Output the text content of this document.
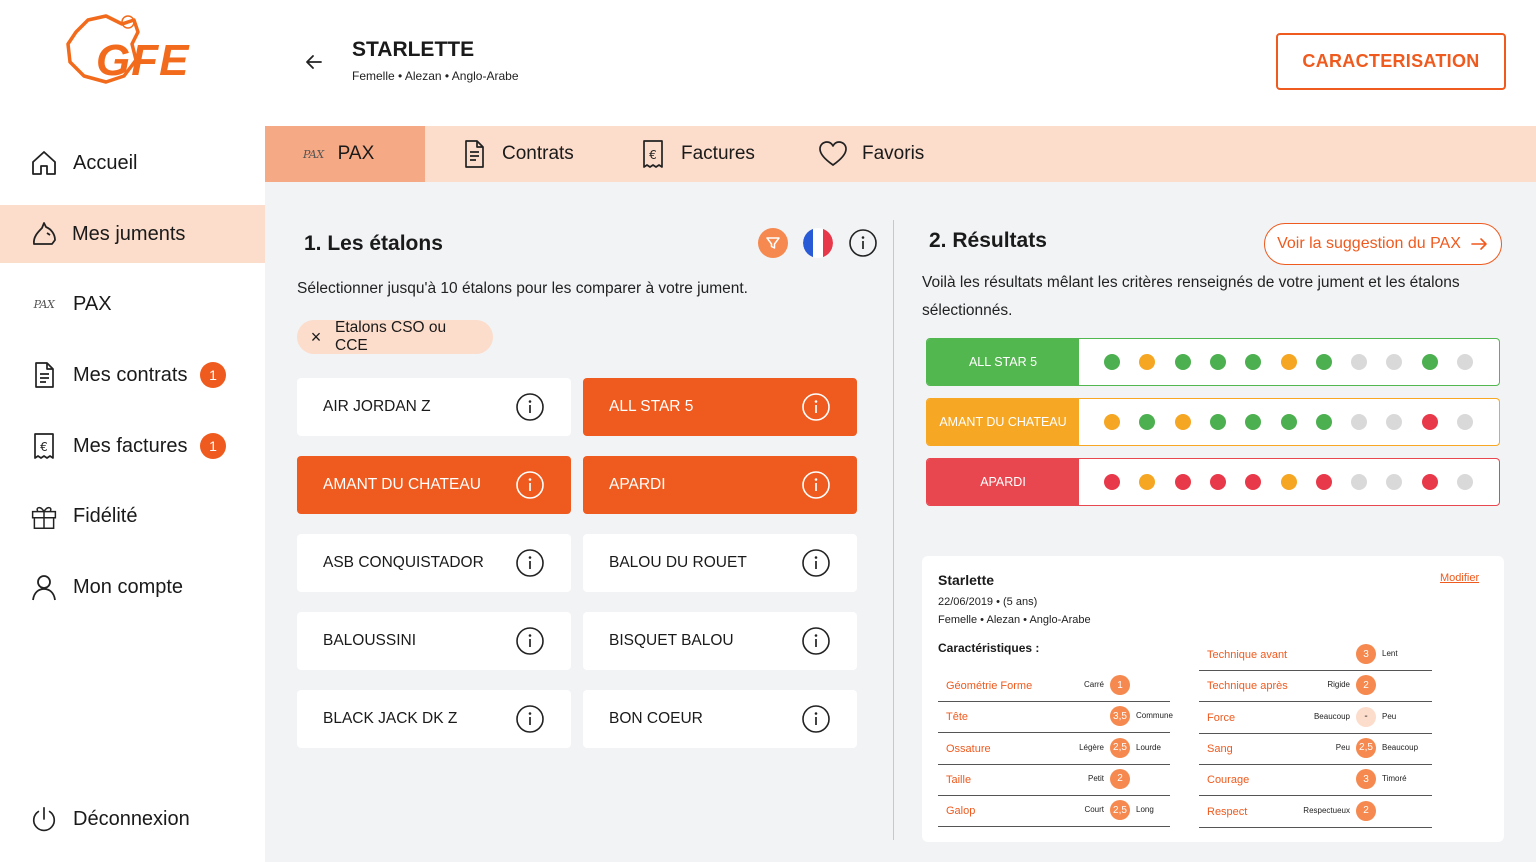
GFE
Accueil
Mes juments
PAX PAX
Mes contrats	1
€ Mes factures	1
Fidélité
Mon compte
Déconnexion
STARLETTE
Femelle • Alezan • Anglo-Arabe
CARACTERISATION
PAX PAX	Contrats	€ Factures	Favoris
1. Les étalons
Sélectionner jusqu'à 10 étalons pour les comparer à votre jument.
× Etalons CSO ou CCE
AIR JORDAN Z	ALL STAR 5
AMANT DU CHATEAU	APARDI
ASB CONQUISTADOR	BALOU DU ROUET
BALOUSSINI	BISQUET BALOU
BLACK JACK DK Z	BON COEUR
2. Résultats	Voir la suggestion du PAX
Voilà les résultats mêlant les critères renseignés de votre jument et les étalons
sélectionnés.
ALL STAR 5
AMANT DU CHATEAU
APARDI
Starlette	Modifier
22/06/2019 • (5 ans)
Femelle • Alezan • Anglo-Arabe
Caractéristiques :
Géométrie Forme	Carré	1
Tête	3,5	Commune
Ossature	Légère 2,5	Lourde
Taille	Petit	2
Galop	Court 2,5	Long
Technique avant	3	Lent
Technique après	Rigide	2
Force	Beaucoup	-	Peu
Sang	Peu 2,5	Beaucoup
Courage	3	Timoré
Respect	Respectueux	2
